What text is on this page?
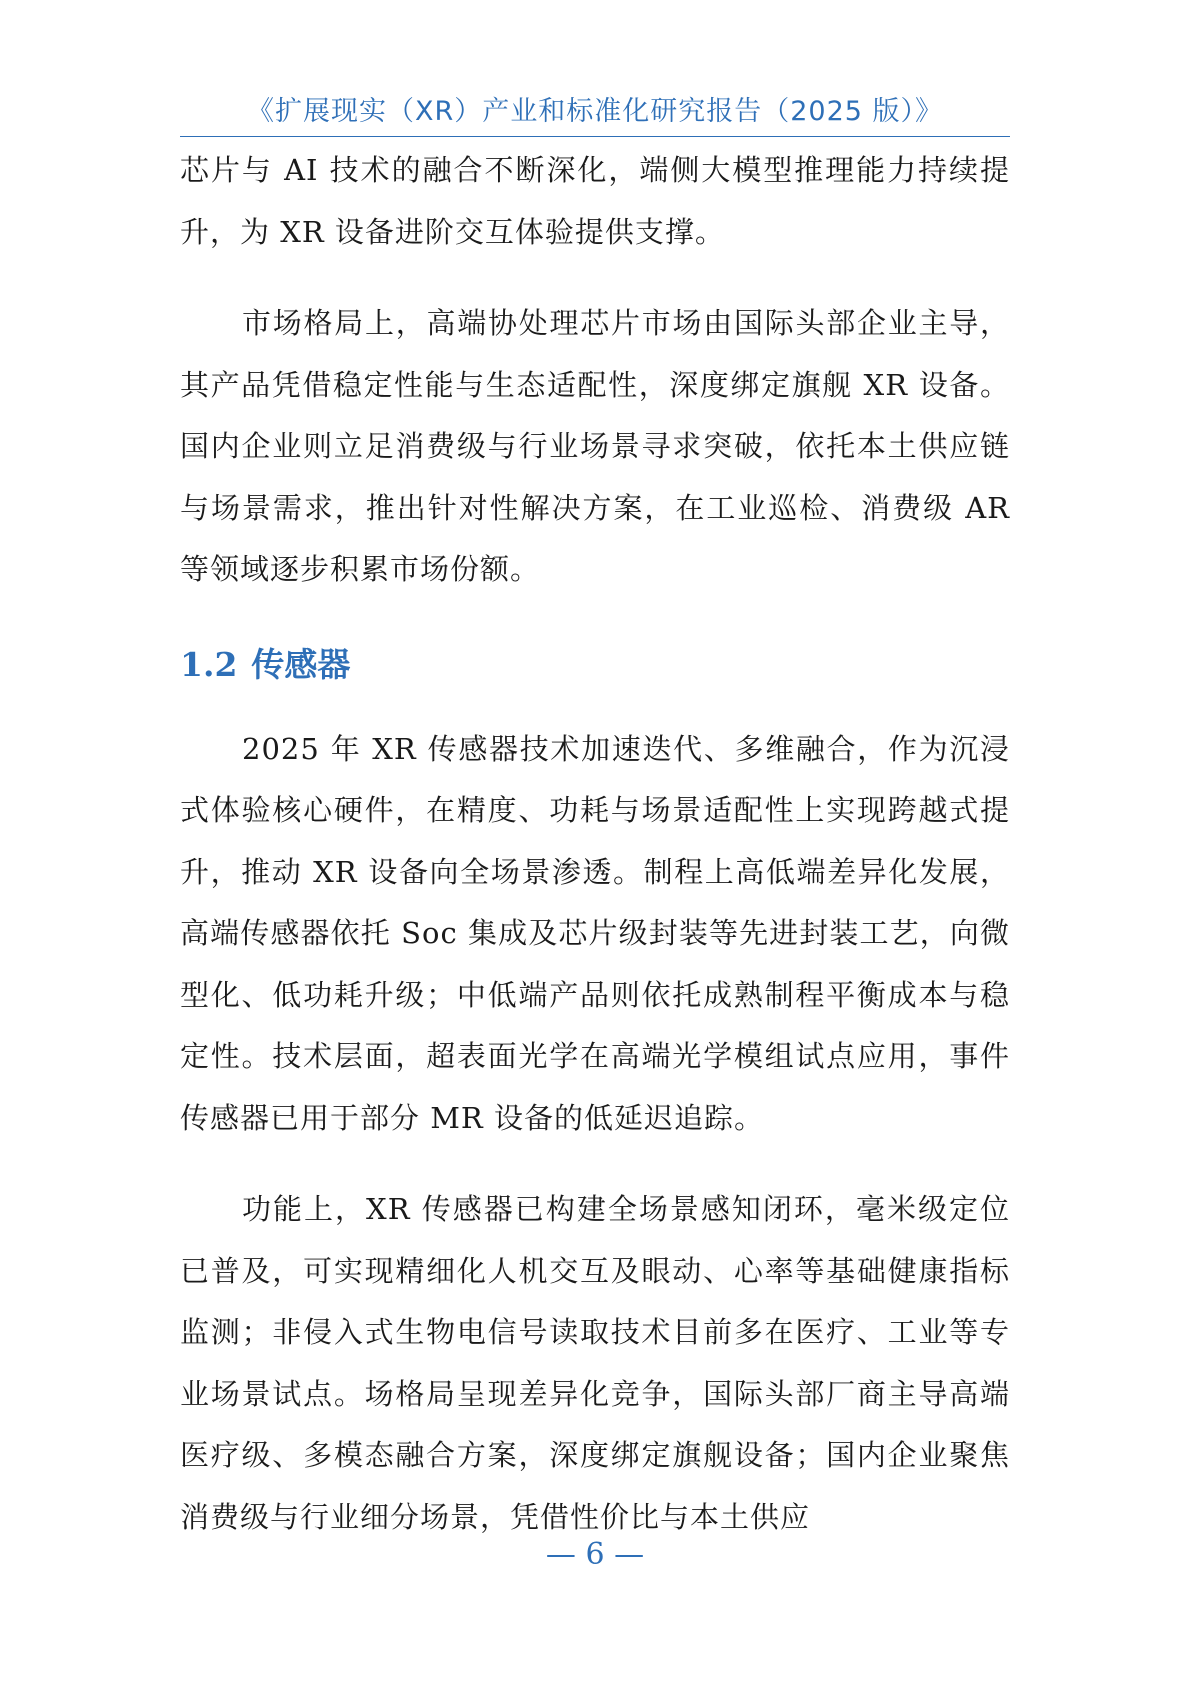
《扩展现实（XR）产业和标准化研究报告（2025 版）》

芯片与 AI 技术的融合不断深化，端侧大模型推理能力持续提升，为 XR 设备进阶交互体验提供支撑。

市场格局上，高端协处理芯片市场由国际头部企业主导，其产品凭借稳定性能与生态适配性，深度绑定旗舰 XR 设备。国内企业则立足消费级与行业场景寻求突破，依托本土供应链与场景需求，推出针对性解决方案，在工业巡检、消费级 AR 等领域逐步积累市场份额。

1.2 传感器

2025 年 XR 传感器技术加速迭代、多维融合，作为沉浸式体验核心硬件，在精度、功耗与场景适配性上实现跨越式提升，推动 XR 设备向全场景渗透。制程上高低端差异化发展，高端传感器依托 Soc 集成及芯片级封装等先进封装工艺，向微型化、低功耗升级；中低端产品则依托成熟制程平衡成本与稳定性。技术层面，超表面光学在高端光学模组试点应用，事件传感器已用于部分 MR 设备的低延迟追踪。

功能上，XR 传感器已构建全场景感知闭环，毫米级定位已普及，可实现精细化人机交互及眼动、心率等基础健康指标监测；非侵入式生物电信号读取技术目前多在医疗、工业等专业场景试点。场格局呈现差异化竞争，国际头部厂商主导高端医疗级、多模态融合方案，深度绑定旗舰设备；国内企业聚焦消费级与行业细分场景，凭借性价比与本土供应

— 6 —
